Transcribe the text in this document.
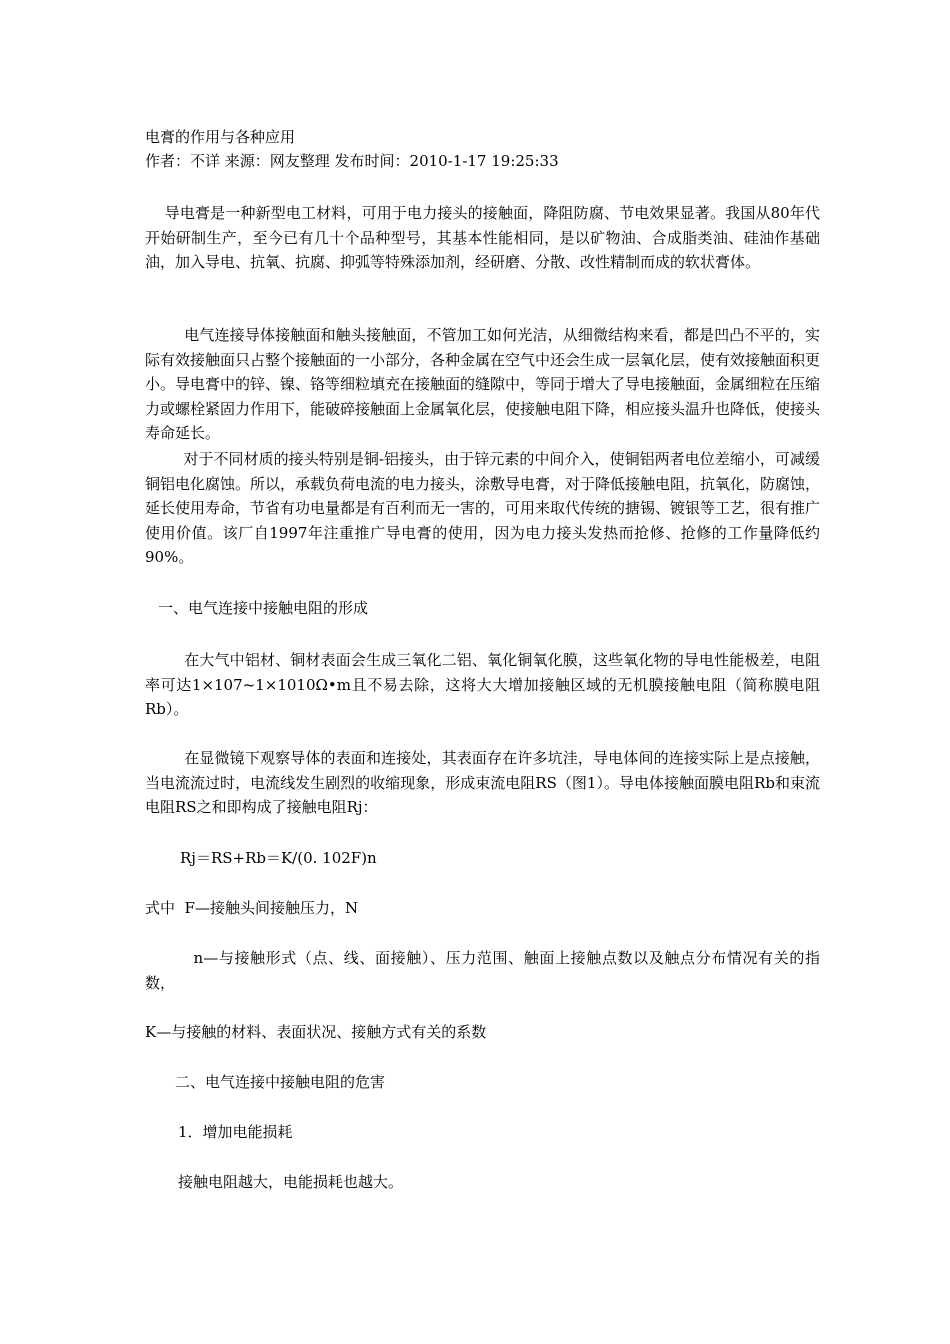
电膏的作用与各种应用

作者：不详 来源：网友整理 发布时间：2010-1-17 19:25:33

导电膏是一种新型电工材料，可用于电力接头的接触面，降阻防腐、节电效果显著。我国从80年代开始研制生产，至今已有几十个品种型号，其基本性能相同，是以矿物油、合成脂类油、硅油作基础油，加入导电、抗氧、抗腐、抑弧等特殊添加剂，经研磨、分散、改性精制而成的软状膏体。

电气连接导体接触面和触头接触面，不管加工如何光洁，从细微结构来看，都是凹凸不平的，实际有效接触面只占整个接触面的一小部分，各种金属在空气中还会生成一层氧化层，使有效接触面积更小。导电膏中的锌、镍、铬等细粒填充在接触面的缝隙中，等同于增大了导电接触面，金属细粒在压缩力或螺栓紧固力作用下，能破碎接触面上金属氧化层，使接触电阻下降，相应接头温升也降低，使接头寿命延长。

对于不同材质的接头特别是铜-铝接头，由于锌元素的中间介入，使铜铝两者电位差缩小，可减缓铜铝电化腐蚀。所以，承载负荷电流的电力接头，涂敷导电膏，对于降低接触电阻，抗氧化，防腐蚀，延长使用寿命，节省有功电量都是有百利而无一害的，可用来取代传统的搪锡、镀银等工艺，很有推广使用价值。该厂自1997年注重推广导电膏的使用，因为电力接头发热而抢修、抢修的工作量降低约90%。

一、电气连接中接触电阻的形成

在大气中铝材、铜材表面会生成三氧化二铝、氧化铜氧化膜，这些氧化物的导电性能极差，电阻率可达1×107~1×1010Ω•m且不易去除，这将大大增加接触区域的无机膜接触电阻（简称膜电阻Rb）。

在显微镜下观察导体的表面和连接处，其表面存在许多坑洼，导电体间的连接实际上是点接触，当电流流过时，电流线发生剧烈的收缩现象，形成束流电阻RS（图1）。导电体接触面膜电阻Rb和束流电阻RS之和即构成了接触电阻Rj：

Rj＝RS+Rb＝K/(0. 102F)n

式中  F—接触头间接触压力，N

n—与接触形式（点、线、面接触）、压力范围、触面上接触点数以及触点分布情况有关的指数，

K—与接触的材料、表面状况、接触方式有关的系数

二、电气连接中接触电阻的危害

1．增加电能损耗

接触电阻越大，电能损耗也越大。
